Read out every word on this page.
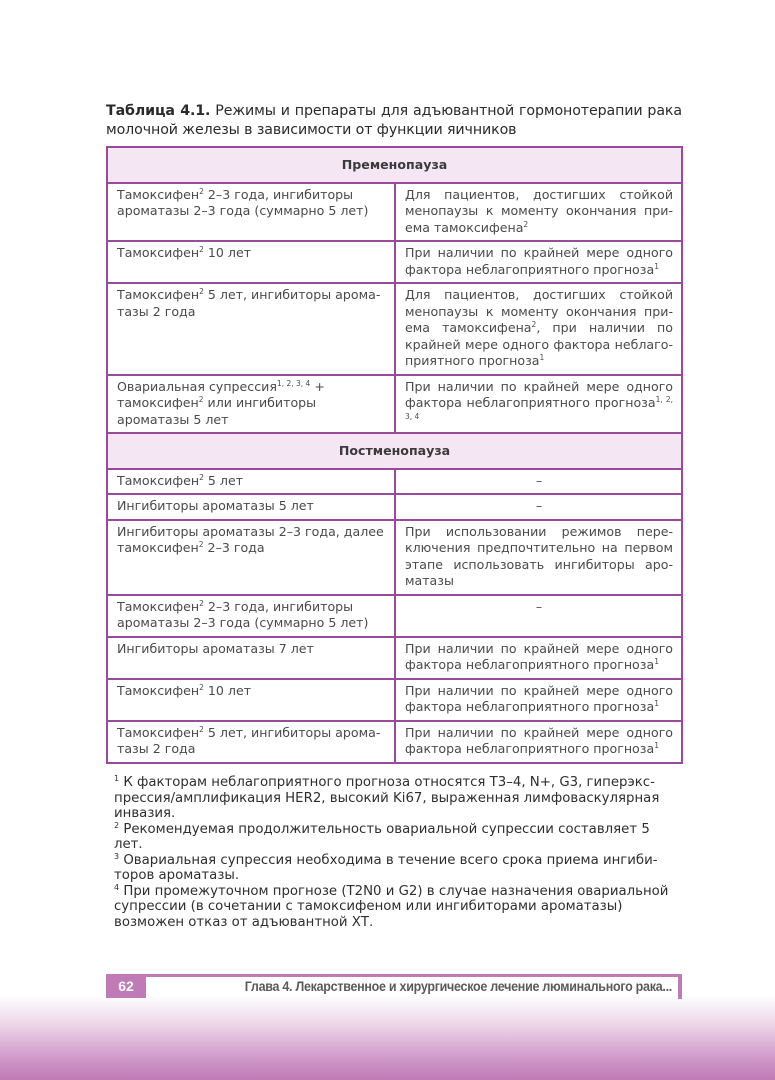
Таблица 4.1. Режимы и препараты для адъювантной гормонотерапии рака молочной железы в зависимости от функции яичников
Пременопауза	
Тамоксифен$^2$ 2–3 года, ингибиторы ароматазы 2–3 года (суммарно 5 лет)	Для пациентов, достигших стойкой менопаузы к моменту окончания приема тамоксифена$^2$
Тамоксифен$^2$ 10 лет	При наличии по крайней мере одного фактора неблагоприятного прогноза$^1$
Тамоксифен$^2$ 5 лет, ингибиторы ароматазы 2 года	Для пациентов, достигших стойкой менопаузы к моменту окончания приема тамоксифена$^2$, при наличии по крайней мере одного фактора неблагоприятного прогноза$^1$
Овариальная супрессия$^{1, 2, 3, 4}$ + тамоксифен$^2$ или ингибиторы ароматазы 5 лет	При наличии по крайней мере одного фактора неблагоприятного прогноза$^{1, 2, 3, 4}$
Постменопауза	
Тамоксифен$^2$ 5 лет	–
Ингибиторы ароматазы 5 лет	–
Ингибиторы ароматазы 2–3 года, далее тамоксифен$^2$ 2–3 года	При использовании режимов переключения предпочтительно на первом этапе использовать ингибиторы ароматазы
Тамоксифен$^2$ 2–3 года, ингибиторы ароматазы 2–3 года (суммарно 5 лет)	–
Ингибиторы ароматазы 7 лет	При наличии по крайней мере одного фактора неблагоприятного прогноза$^1$
Тамоксифен$^2$ 10 лет	При наличии по крайней мере одного фактора неблагоприятного прогноза$^1$
Тамоксифен$^2$ 5 лет, ингибиторы ароматазы 2 года	При наличии по крайней мере одного фактора неблагоприятного прогноза$^1$

$^1$ К факторам неблагоприятного прогноза относятся T3–4, N+, G3, гиперэкспрессия/амплификация HER2, высокий Ki67, выраженная лимфоваскулярная инвазия.

$^2$ Рекомендуемая продолжительность овариальной супрессии составляет 5 лет.

$^3$ Овариальная супрессия необходима в течение всего срока приема ингибиторов ароматазы.

$^4$ При промежуточном прогнозе (T2N0 и G2) в случае назначения овариальной супрессии (в сочетании с тамоксифеном или ингибиторами ароматазы) возможен отказ от адъювантной ХТ.

62	Глава 4. Лекарственное и хирургическое лечение люминального рака...
